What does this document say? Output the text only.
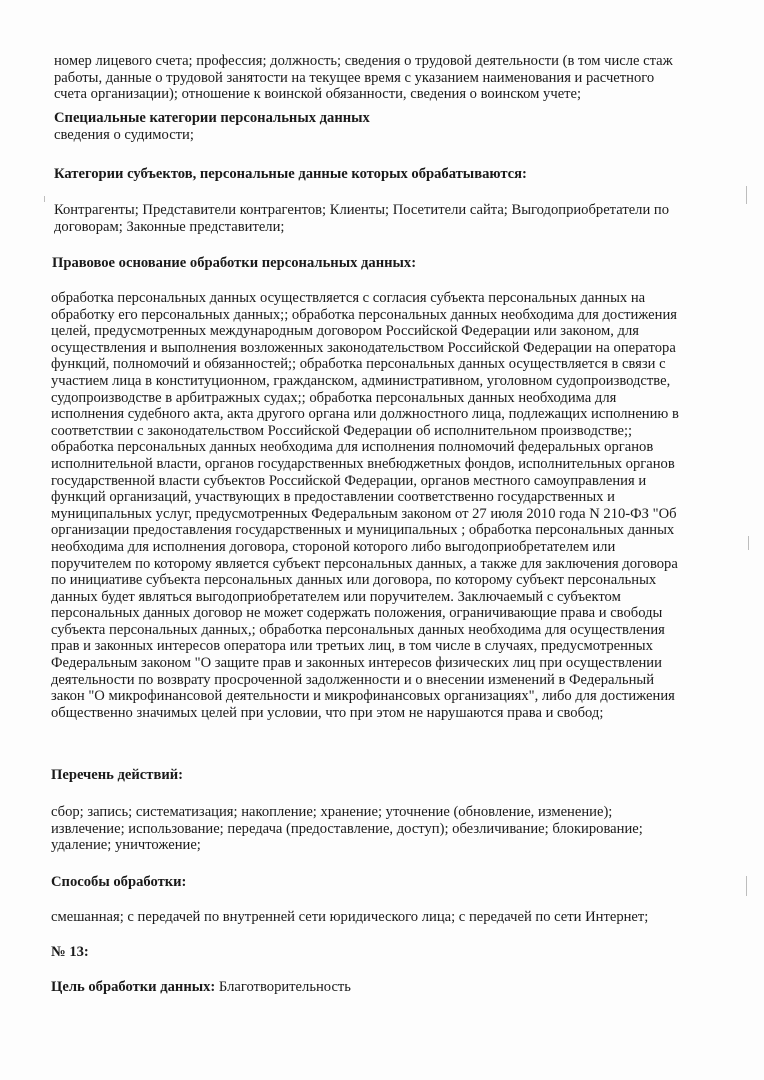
номер лицевого счета; профессия; должность; сведения о трудовой деятельности (в том числе стаж
работы, данные о трудовой занятости на текущее время с указанием наименования и расчетного
счета организации); отношение к воинской обязанности, сведения о воинском учете;
Специальные категории персональных данных
сведения о судимости;
Категории субъектов, персональные данные которых обрабатываются:
Контрагенты; Представители контрагентов; Клиенты; Посетители сайта; Выгодоприобретатели по
договорам; Законные представители;
Правовое основание обработки персональных данных:
обработка персональных данных осуществляется с согласия субъекта персональных данных на
обработку его персональных данных;; обработка персональных данных необходима для достижения
целей, предусмотренных международным договором Российской Федерации или законом, для
осуществления и выполнения возложенных законодательством Российской Федерации на оператора
функций, полномочий и обязанностей;; обработка персональных данных осуществляется в связи с
участием лица в конституционном, гражданском, административном, уголовном судопроизводстве,
судопроизводстве в арбитражных судах;; обработка персональных данных необходима для
исполнения судебного акта, акта другого органа или должностного лица, подлежащих исполнению в
соответствии с законодательством Российской Федерации об исполнительном производстве;;
обработка персональных данных необходима для исполнения полномочий федеральных органов
исполнительной власти, органов государственных внебюджетных фондов, исполнительных органов
государственной власти субъектов Российской Федерации, органов местного самоуправления и
функций организаций, участвующих в предоставлении соответственно государственных и
муниципальных услуг, предусмотренных Федеральным законом от 27 июля 2010 года N 210-ФЗ "Об
организации предоставления государственных и муниципальных ; обработка персональных данных
необходима для исполнения договора, стороной которого либо выгодоприобретателем или
поручителем по которому является субъект персональных данных, а также для заключения договора
по инициативе субъекта персональных данных или договора, по которому субъект персональных
данных будет являться выгодоприобретателем или поручителем. Заключаемый с субъектом
персональных данных договор не может содержать положения, ограничивающие права и свободы
субъекта персональных данных,; обработка персональных данных необходима для осуществления
прав и законных интересов оператора или третьих лиц, в том числе в случаях, предусмотренных
Федеральным законом "О защите прав и законных интересов физических лиц при осуществлении
деятельности по возврату просроченной задолженности и о внесении изменений в Федеральный
закон "О микрофинансовой деятельности и микрофинансовых организациях", либо для достижения
общественно значимых целей при условии, что при этом не нарушаются права и свобод;
Перечень действий:
сбор; запись; систематизация; накопление; хранение; уточнение (обновление, изменение);
извлечение; использование; передача (предоставление, доступ); обезличивание; блокирование;
удаление; уничтожение;
Способы обработки:
смешанная; с передачей по внутренней сети юридического лица; с передачей по сети Интернет;
№ 13:
Цель обработки данных: Благотворительность
